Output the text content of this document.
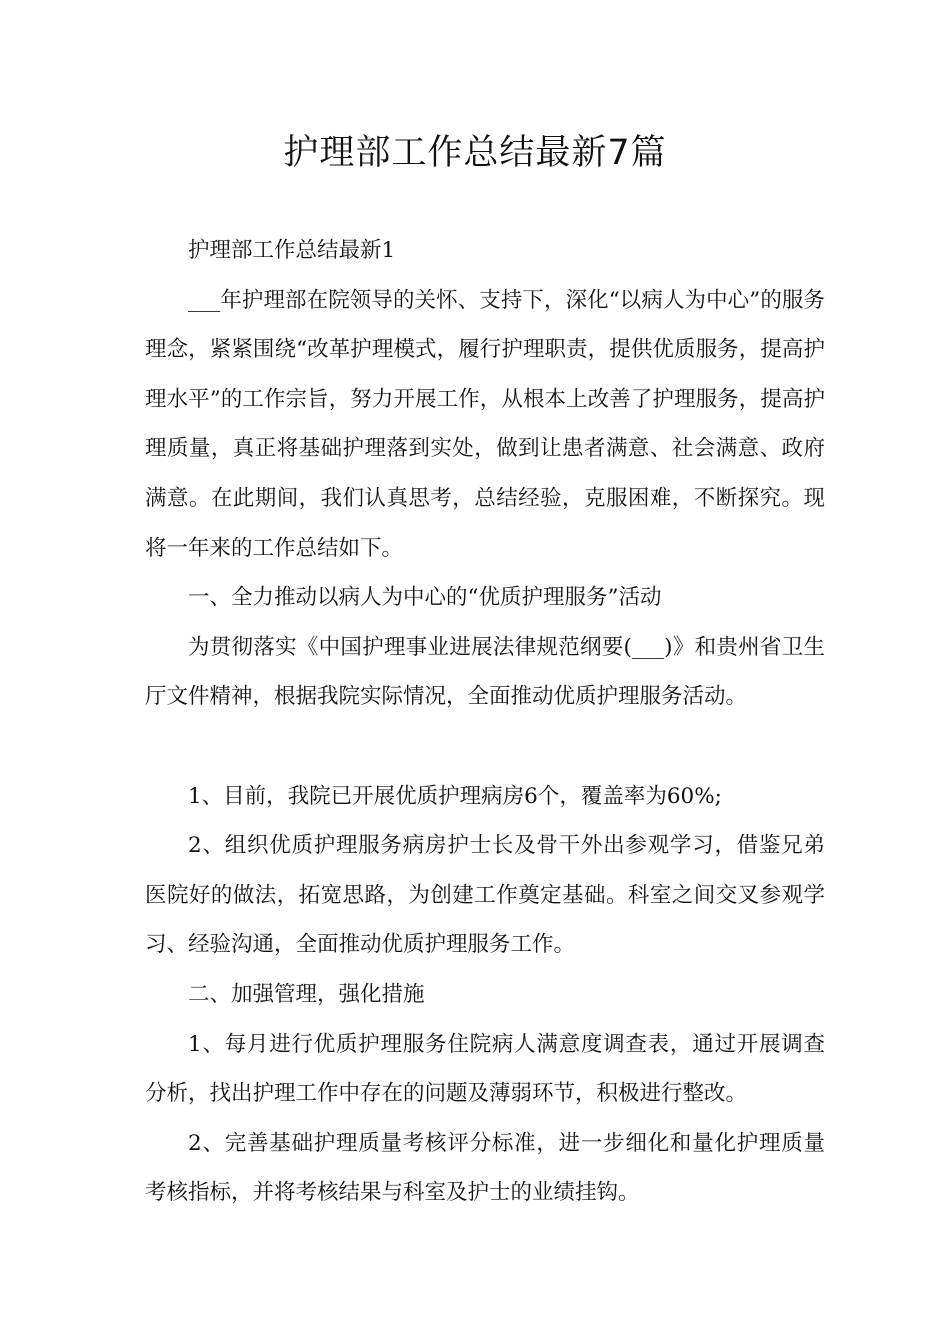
护理部工作总结最新7篇

护理部工作总结最新1

___年护理部在院领导的关怀、支持下，深化“以病人为中心”的服务理念，紧紧围绕“改革护理模式，履行护理职责，提供优质服务，提高护理水平”的工作宗旨，努力开展工作，从根本上改善了护理服务，提高护理质量，真正将基础护理落到实处，做到让患者满意、社会满意、政府满意。在此期间，我们认真思考，总结经验，克服困难，不断探究。现将一年来的工作总结如下。

一、全力推动以病人为中心的“优质护理服务”活动

为贯彻落实《中国护理事业进展法律规范纲要(___)》和贵州省卫生厅文件精神，根据我院实际情况，全面推动优质护理服务活动。

1、目前，我院已开展优质护理病房6个，覆盖率为60%;

2、组织优质护理服务病房护士长及骨干外出参观学习，借鉴兄弟医院好的做法，拓宽思路，为创建工作奠定基础。科室之间交叉参观学习、经验沟通，全面推动优质护理服务工作。

二、加强管理，强化措施

1、每月进行优质护理服务住院病人满意度调查表，通过开展调查分析，找出护理工作中存在的问题及薄弱环节，积极进行整改。

2、完善基础护理质量考核评分标准，进一步细化和量化护理质量考核指标，并将考核结果与科室及护士的业绩挂钩。
